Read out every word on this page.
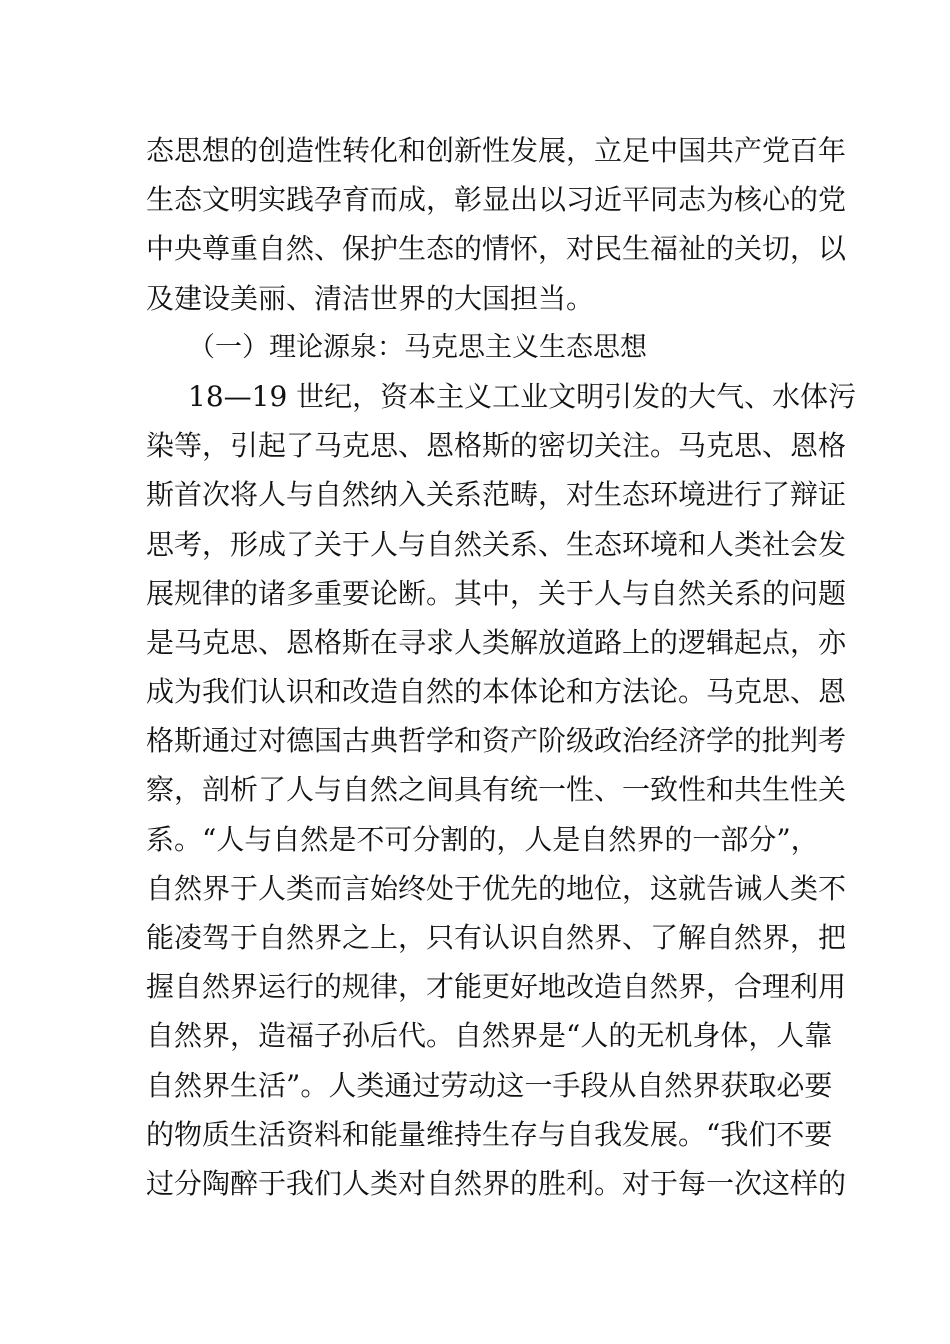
态思想的创造性转化和创新性发展，立足中国共产党百年
生态文明实践孕育而成，彰显出以习近平同志为核心的党
中央尊重自然、保护生态的情怀，对民生福祉的关切，以
及建设美丽、清洁世界的大国担当。
（一）理论源泉：马克思主义生态思想
18—19 世纪，资本主义工业文明引发的大气、水体污
染等，引起了马克思、恩格斯的密切关注。马克思、恩格
斯首次将人与自然纳入关系范畴，对生态环境进行了辩证
思考，形成了关于人与自然关系、生态环境和人类社会发
展规律的诸多重要论断。其中，关于人与自然关系的问题
是马克思、恩格斯在寻求人类解放道路上的逻辑起点，亦
成为我们认识和改造自然的本体论和方法论。马克思、恩
格斯通过对德国古典哲学和资产阶级政治经济学的批判考
察，剖析了人与自然之间具有统一性、一致性和共生性关
系。“人与自然是不可分割的，人是自然界的一部分”，
自然界于人类而言始终处于优先的地位，这就告诫人类不
能凌驾于自然界之上，只有认识自然界、了解自然界，把
握自然界运行的规律，才能更好地改造自然界，合理利用
自然界，造福子孙后代。自然界是“人的无机身体，人靠
自然界生活”。人类通过劳动这一手段从自然界获取必要
的物质生活资料和能量维持生存与自我发展。“我们不要
过分陶醉于我们人类对自然界的胜利。对于每一次这样的
